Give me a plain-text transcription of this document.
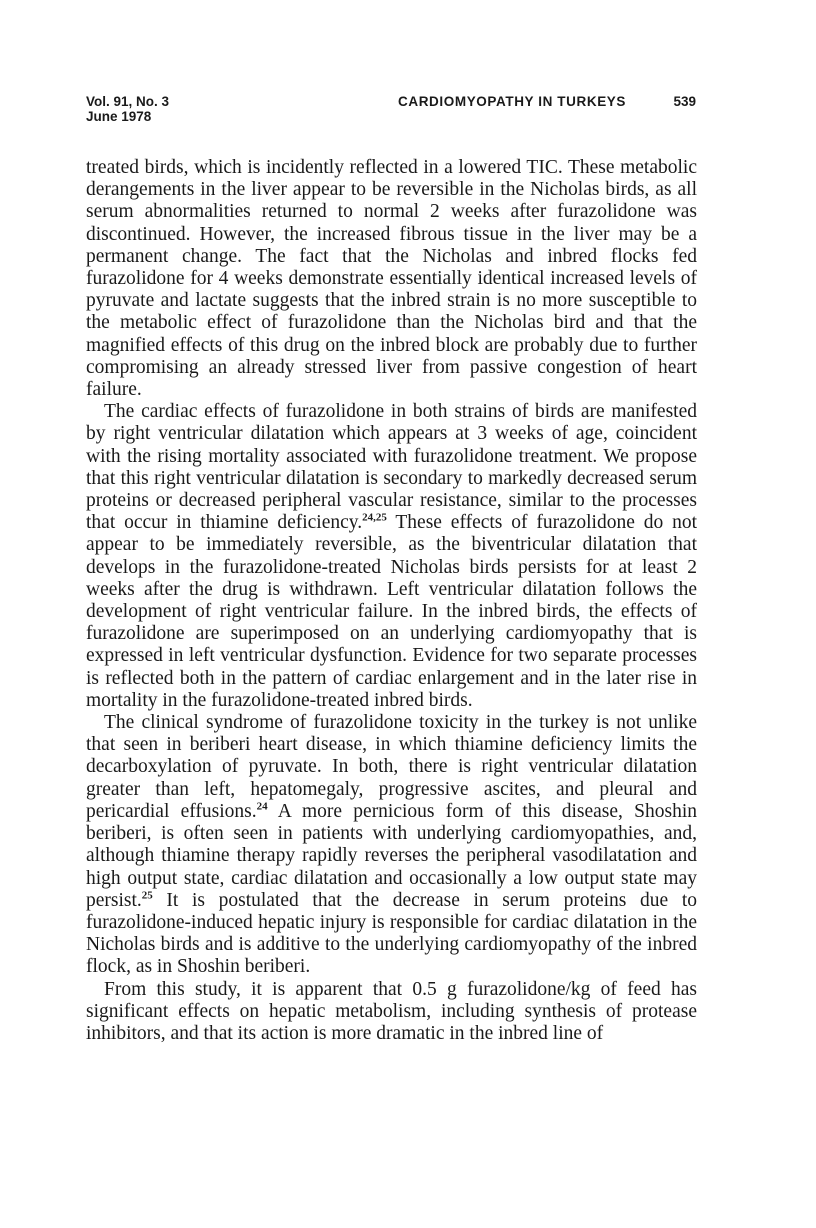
Vol. 91, No. 3
June 1978
CARDIOMYOPATHY IN TURKEYS	539

treated birds, which is incidently reflected in a lowered TIC. These metabolic derangements in the liver appear to be reversible in the Nicholas birds, as all serum abnormalities returned to normal 2 weeks after furazolidone was discontinued. However, the increased fibrous tissue in the liver may be a permanent change. The fact that the Nicholas and inbred flocks fed furazolidone for 4 weeks demonstrate essentially identical increased levels of pyruvate and lactate suggests that the inbred strain is no more susceptible to the metabolic effect of furazolidone than the Nicholas bird and that the magnified effects of this drug on the inbred block are probably due to further compromising an already stressed liver from passive congestion of heart failure.

The cardiac effects of furazolidone in both strains of birds are manifested by right ventricular dilatation which appears at 3 weeks of age, coincident with the rising mortality associated with furazolidone treatment. We propose that this right ventricular dilatation is secondary to markedly decreased serum proteins or decreased peripheral vascular resistance, similar to the processes that occur in thiamine deficiency.$^{24,25}$ These effects of furazolidone do not appear to be immediately reversible, as the biventricular dilatation that develops in the furazolidone-treated Nicholas birds persists for at least 2 weeks after the drug is withdrawn. Left ventricular dilatation follows the development of right ventricular failure. In the inbred birds, the effects of furazolidone are superimposed on an underlying cardiomyopathy that is expressed in left ventricular dysfunction. Evidence for two separate processes is reflected both in the pattern of cardiac enlargement and in the later rise in mortality in the furazolidone-treated inbred birds.

The clinical syndrome of furazolidone toxicity in the turkey is not unlike that seen in beriberi heart disease, in which thiamine deficiency limits the decarboxylation of pyruvate. In both, there is right ventricular dilatation greater than left, hepatomegaly, progressive ascites, and pleural and pericardial effusions.$^{24}$ A more pernicious form of this disease, Shoshin beriberi, is often seen in patients with underlying cardiomyopathies, and, although thiamine therapy rapidly reverses the peripheral vasodilatation and high output state, cardiac dilatation and occasionally a low output state may persist.$^{25}$ It is postulated that the decrease in serum proteins due to furazolidone-induced hepatic injury is responsible for cardiac dilatation in the Nicholas birds and is additive to the underlying cardiomyopathy of the inbred flock, as in Shoshin beriberi.

From this study, it is apparent that 0.5 g furazolidone/kg of feed has significant effects on hepatic metabolism, including synthesis of protease inhibitors, and that its action is more dramatic in the inbred line of
